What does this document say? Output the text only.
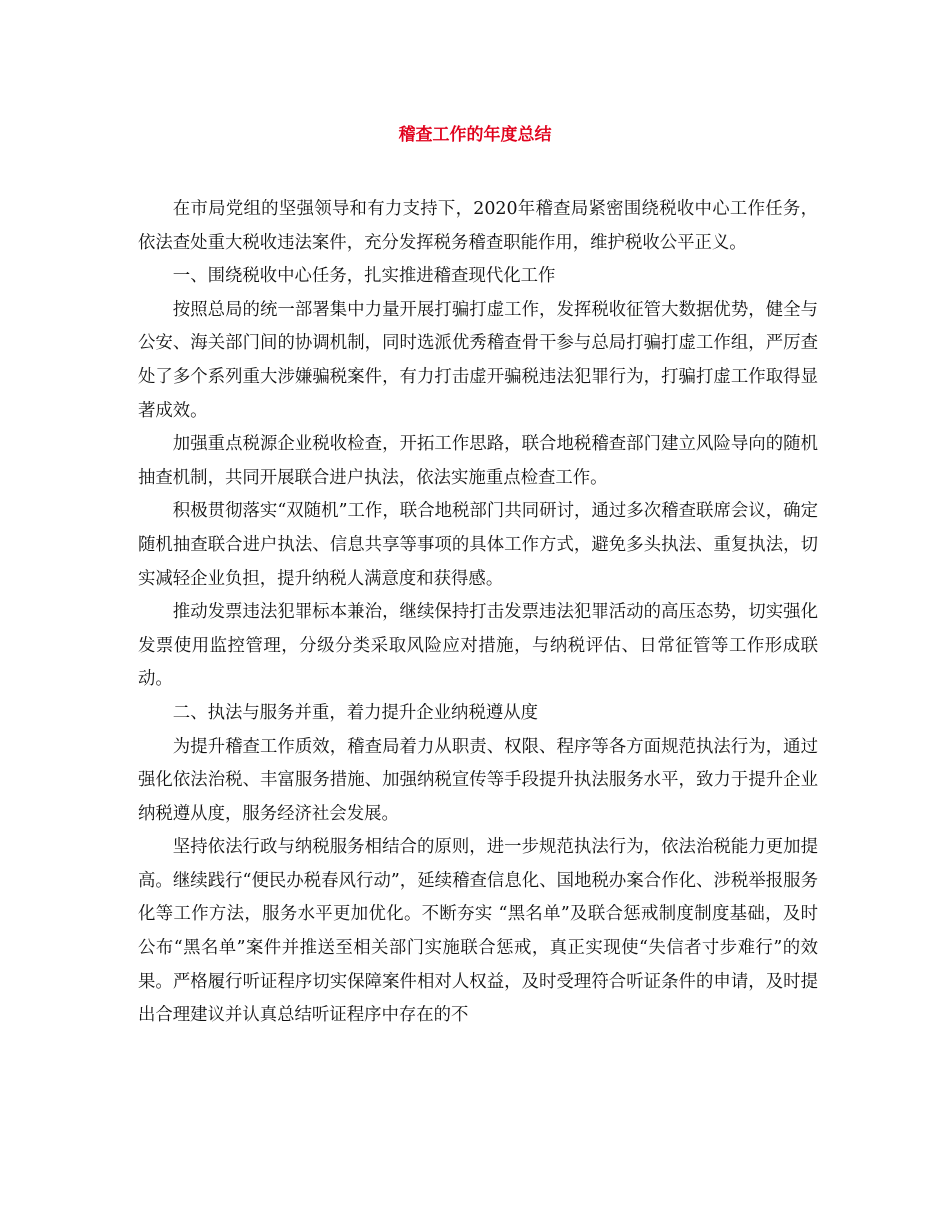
稽查工作的年度总结

在市局党组的坚强领导和有力支持下，2020年稽查局紧密围绕税收中心工作任务，依法查处重大税收违法案件，充分发挥税务稽查职能作用，维护税收公平正义。

一、围绕税收中心任务，扎实推进稽查现代化工作

按照总局的统一部署集中力量开展打骗打虚工作，发挥税收征管大数据优势，健全与公安、海关部门间的协调机制，同时选派优秀稽查骨干参与总局打骗打虚工作组，严厉查处了多个系列重大涉嫌骗税案件，有力打击虚开骗税违法犯罪行为，打骗打虚工作取得显著成效。

加强重点税源企业税收检查，开拓工作思路，联合地税稽查部门建立风险导向的随机抽查机制，共同开展联合进户执法，依法实施重点检查工作。

积极贯彻落实“双随机”工作，联合地税部门共同研讨，通过多次稽查联席会议，确定随机抽查联合进户执法、信息共享等事项的具体工作方式，避免多头执法、重复执法，切实减轻企业负担，提升纳税人满意度和获得感。

推动发票违法犯罪标本兼治，继续保持打击发票违法犯罪活动的高压态势，切实强化发票使用监控管理，分级分类采取风险应对措施，与纳税评估、日常征管等工作形成联动。

二、执法与服务并重，着力提升企业纳税遵从度

为提升稽查工作质效，稽查局着力从职责、权限、程序等各方面规范执法行为，通过强化依法治税、丰富服务措施、加强纳税宣传等手段提升执法服务水平，致力于提升企业纳税遵从度，服务经济社会发展。

坚持依法行政与纳税服务相结合的原则，进一步规范执法行为，依法治税能力更加提高。继续践行“便民办税春风行动”，延续稽查信息化、国地税办案合作化、涉税举报服务化等工作方法，服务水平更加优化。不断夯实 “黑名单”及联合惩戒制度制度基础，及时公布“黑名单”案件并推送至相关部门实施联合惩戒，真正实现使“失信者寸步难行”的效果。严格履行听证程序切实保障案件相对人权益，及时受理符合听证条件的申请，及时提出合理建议并认真总结听证程序中存在的不
